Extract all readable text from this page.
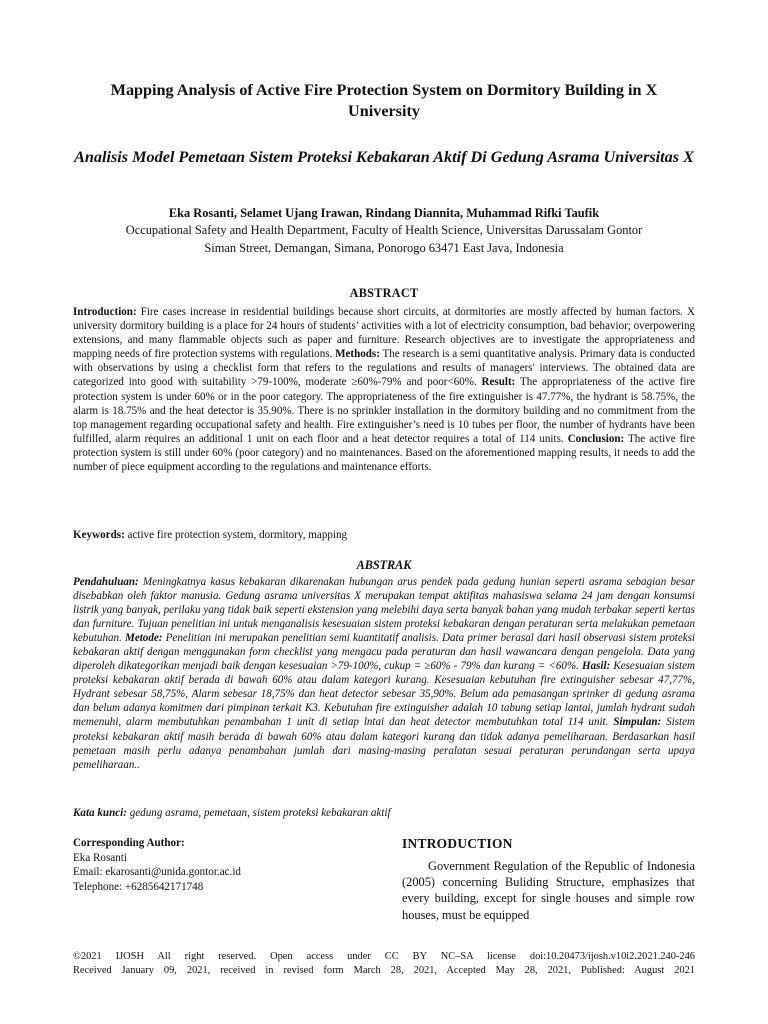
Mapping Analysis of Active Fire Protection System on Dormitory Building in X University
Analisis Model Pemetaan Sistem Proteksi Kebakaran Aktif Di Gedung Asrama Universitas X
Eka Rosanti, Selamet Ujang Irawan, Rindang Diannita, Muhammad Rifki Taufik
Occupational Safety and Health Department, Faculty of Health Science, Universitas Darussalam Gontor
Siman Street, Demangan, Simana, Ponorogo 63471 East Java, Indonesia
ABSTRACT
Introduction: Fire cases increase in residential buildings because short circuits, at dormitories are mostly affected by human factors. X university dormitory building is a place for 24 hours of students’ activities with a lot of electricity consumption, bad behavior; overpowering extensions, and many flammable objects such as paper and furniture. Research objectives are to investigate the appropriateness and mapping needs of fire protection systems with regulations. Methods: The research is a semi quantitative analysis. Primary data is conducted with observations by using a checklist form that refers to the regulations and results of managers' interviews. The obtained data are categorized into good with suitability >79-100%, moderate ≥60%-79% and poor<60%. Result: The appropriateness of the active fire protection system is under 60% or in the poor category. The appropriateness of the fire extinguisher is 47.77%, the hydrant is 58.75%, the alarm is 18.75% and the heat detector is 35.90%. There is no sprinkler installation in the dormitory building and no commitment from the top management regarding occupational safety and health. Fire extinguisher’s need is 10 tubes per floor, the number of hydrants have been fulfilled, alarm requires an additional 1 unit on each floor and a heat detector requires a total of 114 units. Conclusion: The active fire protection system is still under 60% (poor category) and no maintenances. Based on the aforementioned mapping results, it needs to add the number of piece equipment according to the regulations and maintenance efforts.
Keywords: active fire protection system, dormitory, mapping
ABSTRAK
Pendahuluan: Meningkatnya kasus kebakaran dikarenakan hubungan arus pendek pada gedung hunian seperti asrama sebagian besar disebabkan oleh faktor manusia. Gedung asrama universitas X merupakan tempat aktifitas mahasiswa selama 24 jam dengan konsumsi listrik yang banyak, perilaku yang tidak baik seperti ekstension yang melebihi daya serta banyak bahan yang mudah terbakar seperti kertas dan furniture. Tujuan penelitian ini untuk menganalisis kesesuaian sistem proteksi kebakaran dengan peraturan serta melakukan pemetaan kebutuhan. Metode: Penelitian ini merupakan penelitian semi kuantitatif analisis. Data primer berasal dari hasil observasi sistem proteksi kebakaran aktif dengan menggunakan form checklist yang mengacu pada peraturan dan hasil wawancara dengan pengelola. Data yang diperoleh dikategorikan menjadi baik dengan kesesuaian >79-100%, cukup = ≥60% - 79% dan kurang = <60%. Hasil: Kesesuaian sistem proteksi kebakaran aktif berada di bawah 60% atau dalam kategori kurang. Kesesuaian kebutuhan fire extinguisher sebesar 47,77%, Hydrant sebesar 58,75%, Alarm sebesar 18,75% dan heat detector sebesar 35,90%. Belum ada pemasangan sprinker di gedung asrama dan belum adanya komitmen dari pimpinan terkait K3. Kebutuhan fire extinguisher adalah 10 tabung setiap lantai, jumlah hydrant sudah memenuhi, alarm membutuhkan penambahan 1 unit di setiap lntai dan heat detector membutuhkan total 114 unit. Simpulan: Sistem proteksi kebakaran aktif masih berada di bawah 60% atau dalam kategori kurang dan tidak adanya pemeliharaan. Berdasarkan hasil pemetaan masih perlu adanya penambahan jumlah dari masing-masing peralatan sesuai peraturan perundangan serta upaya pemeliharaan..
Kata kunci: gedung asrama, pemetaan, sistem proteksi kebakaran aktif
Corresponding Author:
Eka Rosanti
Email: ekarosanti@unida.gontor.ac.id
Telephone: +6285642171748
INTRODUCTION
Government Regulation of the Republic of Indonesia (2005) concerning Buliding Structure, emphasizes that every building, except for single houses and simple row houses, must be equipped
©2021 IJOSH All right reserved. Open access under CC BY NC–SA license doi:10.20473/ijosh.v10i2.2021.240-246
Received January 09, 2021, received in revised form March 28, 2021, Accepted May 28, 2021, Published: August 2021
